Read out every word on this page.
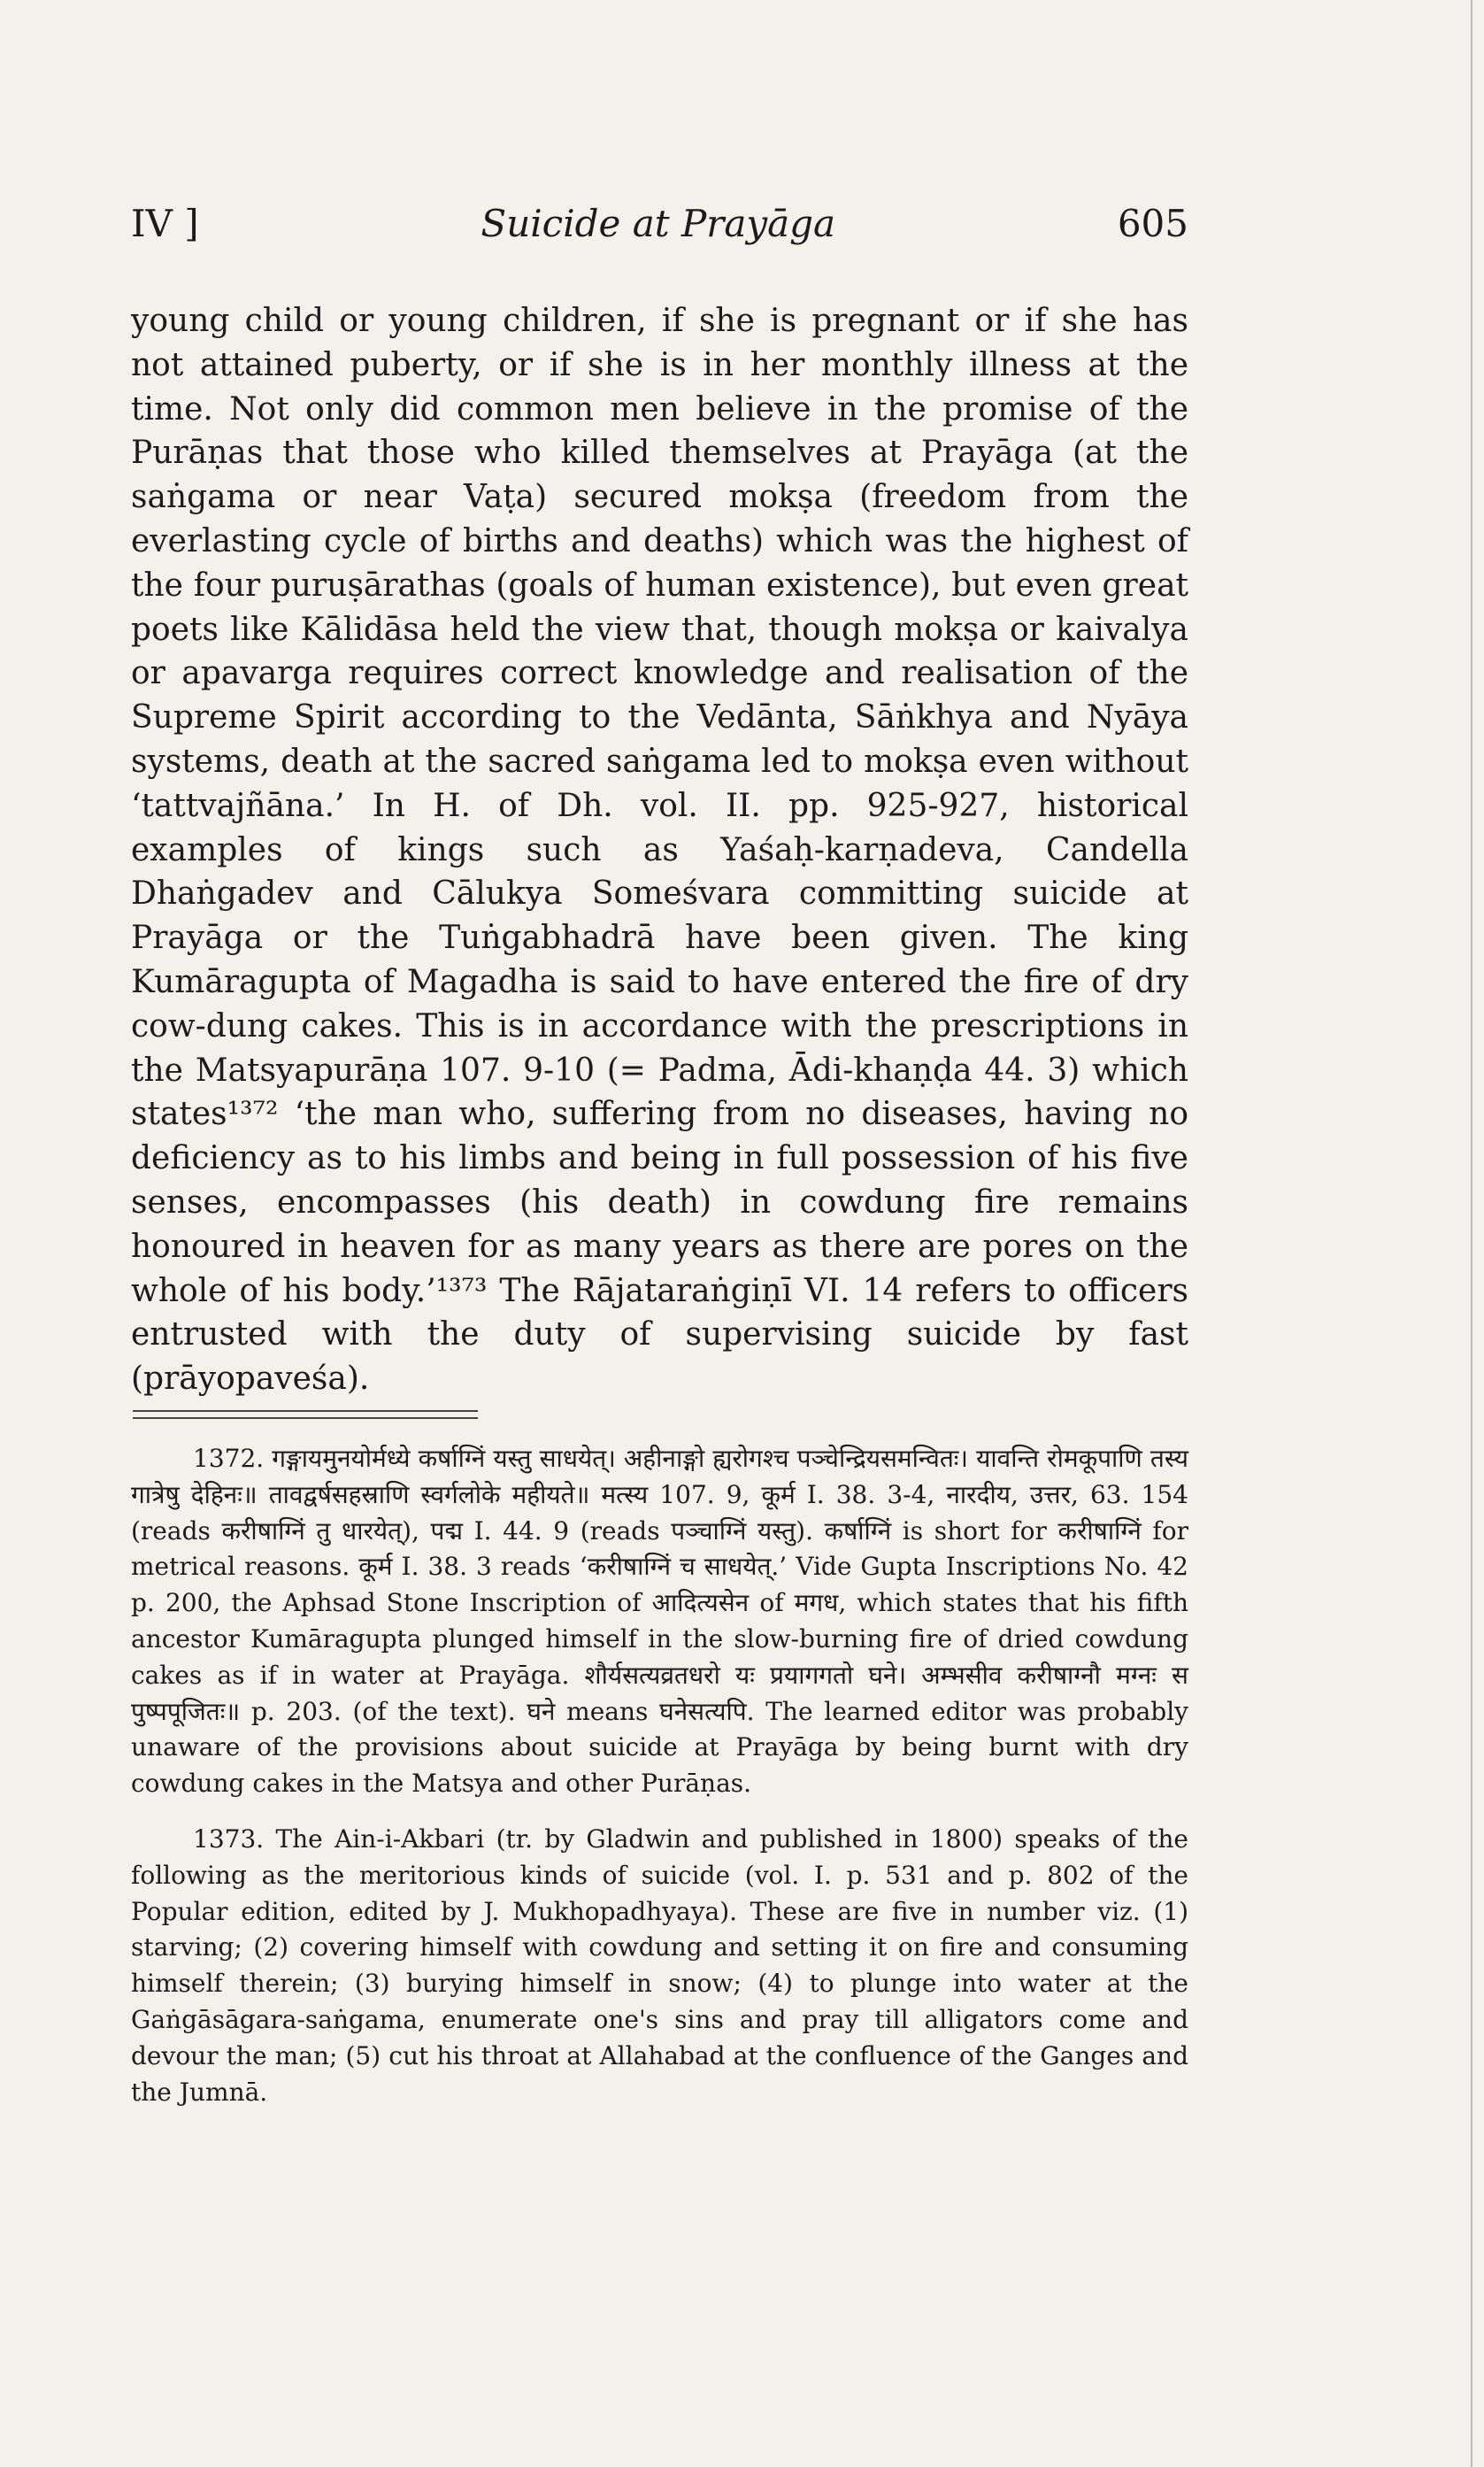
IV ]	Suicide at Prayāga	605

young child or young children, if she is pregnant or if she has not attained puberty, or if she is in her monthly illness at the time. Not only did common men believe in the promise of the Purāṇas that those who killed themselves at Prayāga (at the saṅgama or near Vaṭa) secured mokṣa (freedom from the everlasting cycle of births and deaths) which was the highest of the four puruṣārathas (goals of human existence), but even great poets like Kālidāsa held the view that, though mokṣa or kaivalya or apavarga requires correct knowledge and realisation of the Supreme Spirit according to the Vedānta, Sāṅkhya and Nyāya systems, death at the sacred saṅgama led to mokṣa even without ‘tattvajñāna.’ In H. of Dh. vol. II. pp. 925-927, historical examples of kings such as Yaśaḥ-karṇadeva, Candella Dhaṅgadev and Cālukya Someśvara committing suicide at Prayāga or the Tuṅgabhadrā have been given. The king Kumāragupta of Magadha is said to have entered the fire of dry cow-dung cakes. This is in accordance with the prescriptions in the Matsyapurāṇa 107. 9-10 (= Padma, Ādi-khaṇḍa 44. 3) which states¹³⁷² ‘the man who, suffering from no diseases, having no deficiency as to his limbs and being in full possession of his five senses, encompasses (his death) in cowdung fire remains honoured in heaven for as many years as there are pores on the whole of his body.’¹³⁷³ The Rājataraṅgiṇī VI. 14 refers to officers entrusted with the duty of supervising suicide by fast (prāyopaveśa).

1372. गङ्गायमुनयोर्मध्ये कर्षाग्निं यस्तु साधयेत्। अहीनाङ्गो ह्यरोगश्च पञ्चेन्द्रियसमन्वितः। यावन्ति रोमकूपाणि तस्य गात्रेषु देहिनः॥ तावद्वर्षसहस्राणि स्वर्गलोके महीयते॥ मत्स्य 107. 9, कूर्म I. 38. 3-4, नारदीय, उत्तर, 63. 154 (reads करीषाग्निं तु धारयेत्), पद्म I. 44. 9 (reads पञ्चाग्निं यस्तु). कर्षाग्निं is short for करीषाग्निं for metrical reasons. कूर्म I. 38. 3 reads ‘करीषाग्निं च साधयेत्.’ Vide Gupta Inscriptions No. 42 p. 200, the Aphsad Stone Inscription of आदित्यसेन of मगध, which states that his fifth ancestor Kumāragupta plunged himself in the slow-burning fire of dried cowdung cakes as if in water at Prayāga. शौर्यसत्यव्रतधरो यः प्रयागगतो घने। अम्भसीव करीषाग्नौ मग्नः स पुष्पपूजितः॥ p. 203. (of the text). घने means घनेसत्यपि. The learned editor was probably unaware of the provisions about suicide at Prayāga by being burnt with dry cowdung cakes in the Matsya and other Purāṇas.

1373. The Ain-i-Akbari (tr. by Gladwin and published in 1800) speaks of the following as the meritorious kinds of suicide (vol. I. p. 531 and p. 802 of the Popular edition, edited by J. Mukhopadhyaya). These are five in number viz. (1) starving; (2) covering himself with cowdung and setting it on fire and consuming himself therein; (3) burying himself in snow; (4) to plunge into water at the Gaṅgāsāgara-saṅgama, enumerate one's sins and pray till alligators come and devour the man; (5) cut his throat at Allahabad at the confluence of the Ganges and the Jumnā.
